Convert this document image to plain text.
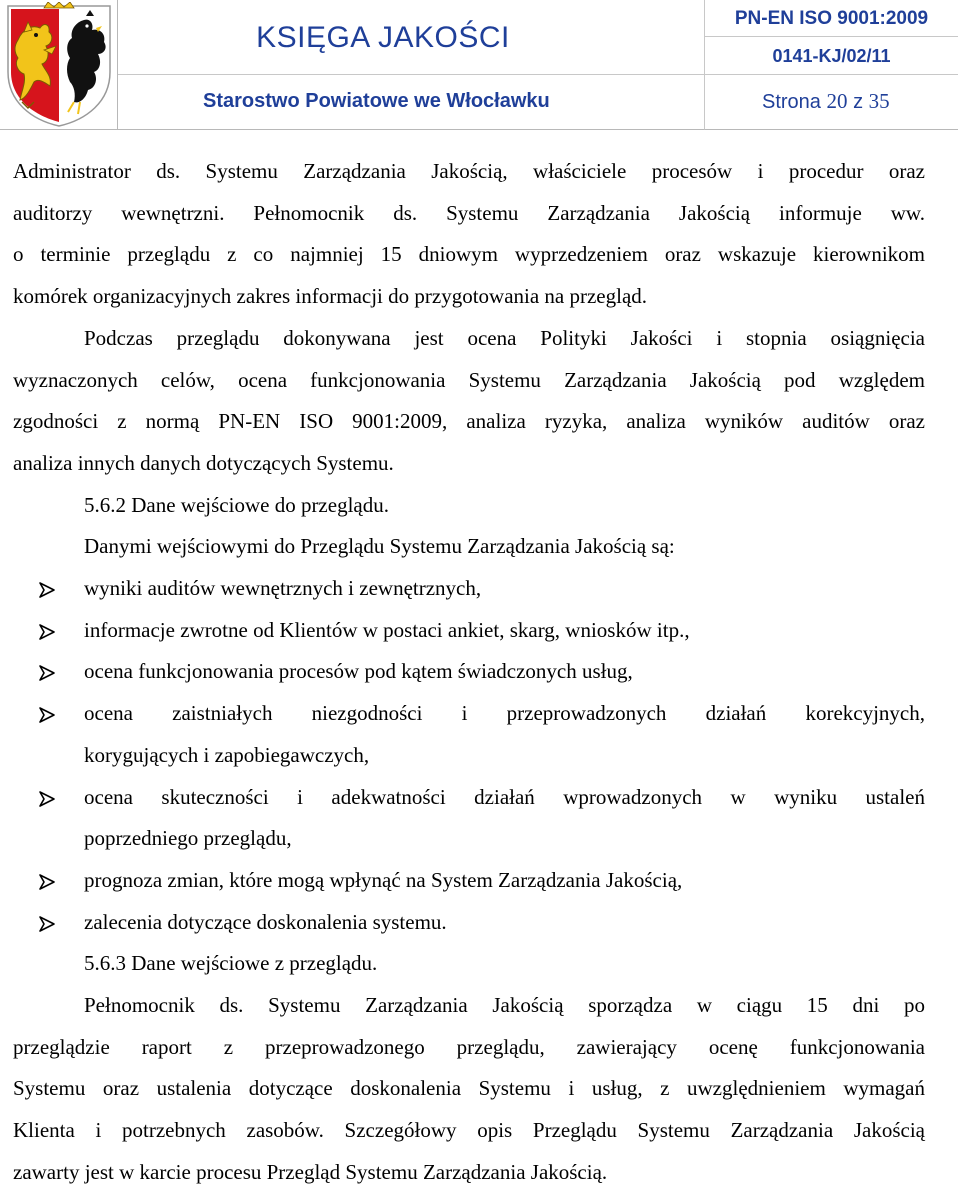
KSIĘGA JAKOŚCI
PN-EN ISO 9001:2009
0141-KJ/02/11
Starostwo Powiatowe we Włocławku	Strona 20 z 35
Administrator ds. Systemu Zarządzania Jakością, właściciele procesów i procedur oraz
auditorzy wewnętrzni. Pełnomocnik ds. Systemu Zarządzania Jakością informuje ww.
o terminie przeglądu z co najmniej 15 dniowym wyprzedzeniem oraz wskazuje kierownikom
komórek organizacyjnych zakres informacji do przygotowania na przegląd.
Podczas przeglądu dokonywana jest ocena Polityki Jakości i stopnia osiągnięcia
wyznaczonych celów, ocena funkcjonowania Systemu Zarządzania Jakością pod względem
zgodności z normą PN-EN ISO 9001:2009, analiza ryzyka, analiza wyników auditów oraz
analiza innych danych dotyczących Systemu.
5.6.2 Dane wejściowe do przeglądu.
Danymi wejściowymi do Przeglądu Systemu Zarządzania Jakością są:
wyniki auditów wewnętrznych i zewnętrznych,
informacje zwrotne od Klientów w postaci ankiet, skarg, wniosków itp.,
ocena funkcjonowania procesów pod kątem świadczonych usług,
ocena zaistniałych niezgodności i przeprowadzonych działań korekcyjnych,
korygujących i zapobiegawczych,
ocena skuteczności i adekwatności działań wprowadzonych w wyniku ustaleń
poprzedniego przeglądu,
prognoza zmian, które mogą wpłynąć na System Zarządzania Jakością,
zalecenia dotyczące doskonalenia systemu.
5.6.3 Dane wejściowe z przeglądu.
Pełnomocnik ds. Systemu Zarządzania Jakością sporządza w ciągu 15 dni po
przeglądzie raport z przeprowadzonego przeglądu, zawierający ocenę funkcjonowania
Systemu oraz ustalenia dotyczące doskonalenia Systemu i usług, z uwzględnieniem wymagań
Klienta i potrzebnych zasobów. Szczegółowy opis Przeglądu Systemu Zarządzania Jakością
zawarty jest w karcie procesu Przegląd Systemu Zarządzania Jakością.
